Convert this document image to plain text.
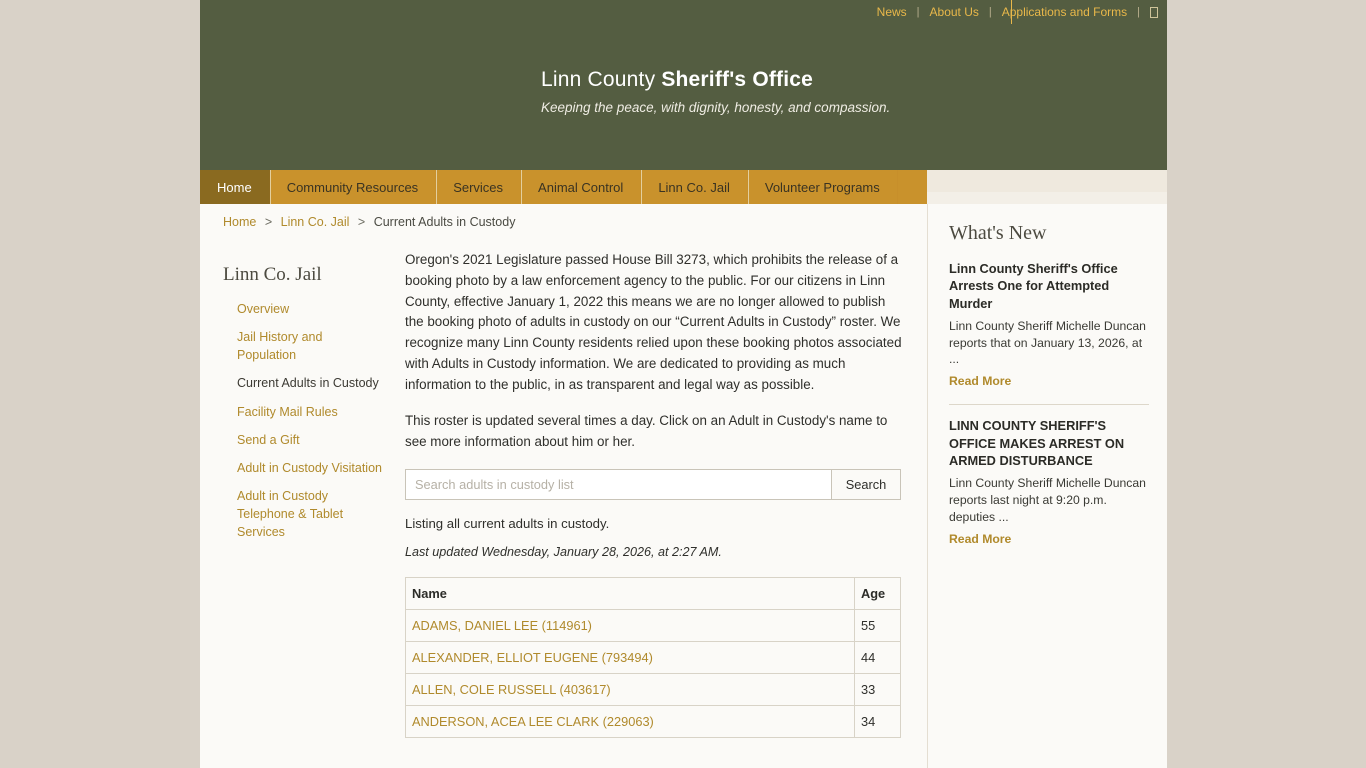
News | About Us | Applications and Forms |
Linn County Sheriff's Office
Keeping the peace, with dignity, honesty, and compassion.
Home	Community Resources	Services	Animal Control	Linn Co. Jail	Volunteer Programs
Home > Linn Co. Jail > Current Adults in Custody
Linn Co. Jail
Overview
Jail History and Population
Current Adults in Custody
Facility Mail Rules
Send a Gift
Adult in Custody Visitation
Adult in Custody Telephone & Tablet Services

Oregon's 2021 Legislature passed House Bill 3273, which prohibits the release of a booking photo by a law enforcement agency to the public. For our citizens in Linn County, effective January 1, 2022 this means we are no longer allowed to publish the booking photo of adults in custody on our “Current Adults in Custody” roster. We recognize many Linn County residents relied upon these booking photos associated with Adults in Custody information. We are dedicated to providing as much information to the public, in as transparent and legal way as possible.

This roster is updated several times a day. Click on an Adult in Custody's name to see more information about him or her.

Search adults in custody list
Search
Listing all current adults in custody.
Last updated Wednesday, January 28, 2026, at 2:27 AM.
Name	Age
ADAMS, DANIEL LEE (114961)	55
ALEXANDER, ELLIOT EUGENE (793494)	44
ALLEN, COLE RUSSELL (403617)	33
ANDERSON, ACEA LEE CLARK (229063)	34
What's New
Linn County Sheriff's Office Arrests One for Attempted Murder
Linn County Sheriff Michelle Duncan reports that on January 13, 2026, at ...
Read More
LINN COUNTY SHERIFF'S OFFICE MAKES ARREST ON ARMED DISTURBANCE
Linn County Sheriff Michelle Duncan reports last night at 9:20 p.m. deputies ...
Read More
